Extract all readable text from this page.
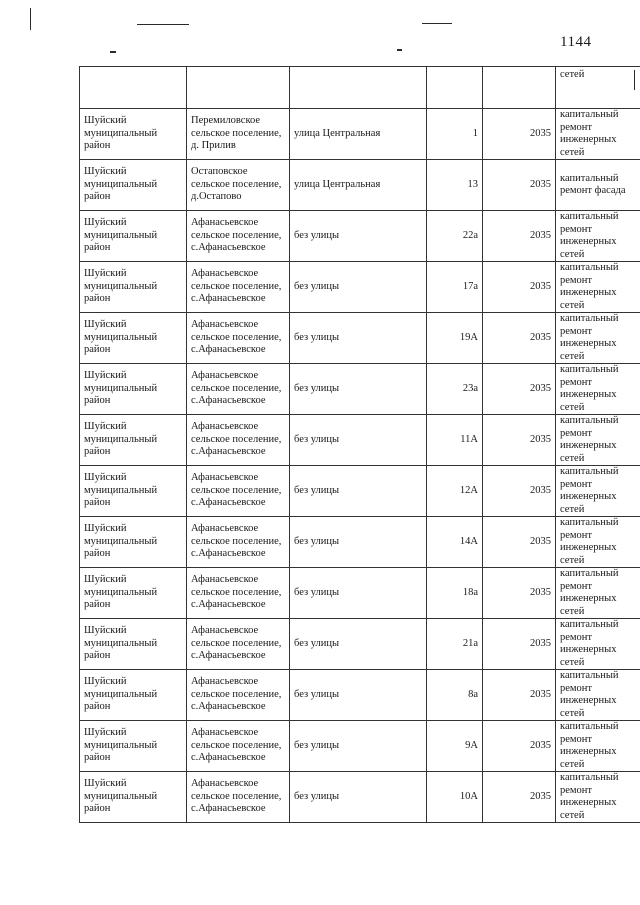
1144
					сетей
Шуйский муниципальный район	Перемиловское сельское поселение, д. Прилив	улица Центральная	1	2035	капитальный ремонт инженерных сетей
Шуйский муниципальный район	Остаповское сельское поселение, д.Остапово	улица Центральная	13	2035	капитальный ремонт фасада
Шуйский муниципальный район	Афанасьевское сельское поселение, с.Афанасьевское	без улицы	22а	2035	капитальный ремонт инженерных сетей
Шуйский муниципальный район	Афанасьевское сельское поселение, с.Афанасьевское	без улицы	17а	2035	капитальный ремонт инженерных сетей
Шуйский муниципальный район	Афанасьевское сельское поселение, с.Афанасьевское	без улицы	19А	2035	капитальный ремонт инженерных сетей
Шуйский муниципальный район	Афанасьевское сельское поселение, с.Афанасьевское	без улицы	23а	2035	капитальный ремонт инженерных сетей
Шуйский муниципальный район	Афанасьевское сельское поселение, с.Афанасьевское	без улицы	11А	2035	капитальный ремонт инженерных сетей
Шуйский муниципальный район	Афанасьевское сельское поселение, с.Афанасьевское	без улицы	12А	2035	капитальный ремонт инженерных сетей
Шуйский муниципальный район	Афанасьевское сельское поселение, с.Афанасьевское	без улицы	14А	2035	капитальный ремонт инженерных сетей
Шуйский муниципальный район	Афанасьевское сельское поселение, с.Афанасьевское	без улицы	18а	2035	капитальный ремонт инженерных сетей
Шуйский муниципальный район	Афанасьевское сельское поселение, с.Афанасьевское	без улицы	21а	2035	капитальный ремонт инженерных сетей
Шуйский муниципальный район	Афанасьевское сельское поселение, с.Афанасьевское	без улицы	8а	2035	капитальный ремонт инженерных сетей
Шуйский муниципальный район	Афанасьевское сельское поселение, с.Афанасьевское	без улицы	9А	2035	капитальный ремонт инженерных сетей
Шуйский муниципальный район	Афанасьевское сельское поселение, с.Афанасьевское	без улицы	10А	2035	капитальный ремонт инженерных сетей
